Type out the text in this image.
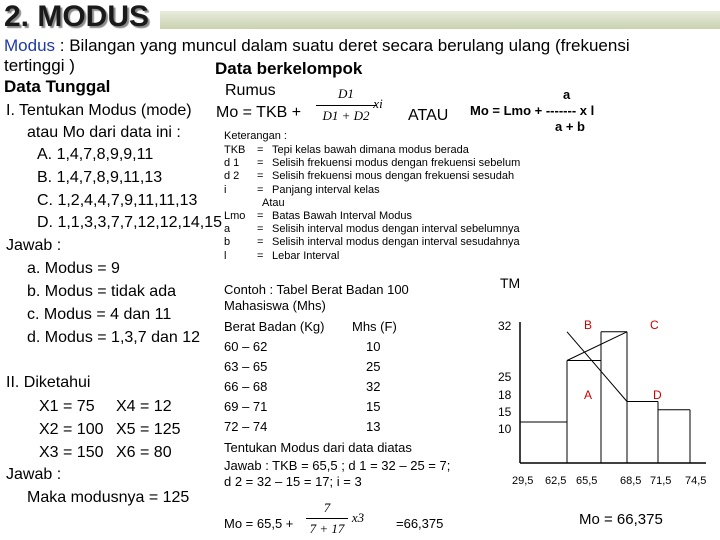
2. MODUS
Modus : Bilangan yang muncul dalam suatu deret secara berulang ulang (frekuensi
tertinggi )	Data berkelompok
Data Tunggal	Rumus
Mo = TKB +
D1
D1 + D2
xi
ATAU
a
Mo = Lmo + ------- x l
a + b
I. Tentukan Modus (mode)
atau Mo dari data ini :
A. 1,4,7,8,9,9,11
B. 1,4,7,8,9,11,13
C. 1,2,4,4,7,9,11,11,13
D. 1,1,3,3,7,7,12,12,14,15
Jawab :
a. Modus = 9
b. Modus = tidak ada
c. Modus = 4 dan 11
d. Modus = 1,3,7 dan 12
II. Diketahui
X1 = 75 X4 = 12
X2 = 100 X5 = 125
X3 = 150 X6 = 80
Jawab :
Maka modusnya = 125
Keterangan :
TKB = Tepi kelas bawah dimana modus berada
d 1 = Selisih frekuensi modus dengan frekuensi sebelum
d 2 = Selisih frekuensi mous dengan frekuensi sesudah
i	= Panjang interval kelas
Atau
Lmo = Batas Bawah Interval Modus
a = Selisih interval modus dengan interval sebelumnya
b = Selisih interval modus dengan interval sesudahnya
l	= Lebar Interval
Contoh : Tabel Berat Badan 100
Mahasiswa (Mhs)
Berat Badan (Kg) Mhs (F)
60 – 62	10
63 – 65	25
66 – 68	32
69 – 71	15
72 – 74	13
Tentukan Modus dari data diatas
Jawab : TKB = 65,5 ; d 1 = 32 – 25 = 7;
d 2 = 32 – 15 = 17; i = 3
Mo = 65,5 +
7
7 + 17
x3	=66,375
TM
32
25
18
15
10
29,5 62,5 65,5 68,5 71,5 74,5
B	C
A	D
Mo = 66,375
